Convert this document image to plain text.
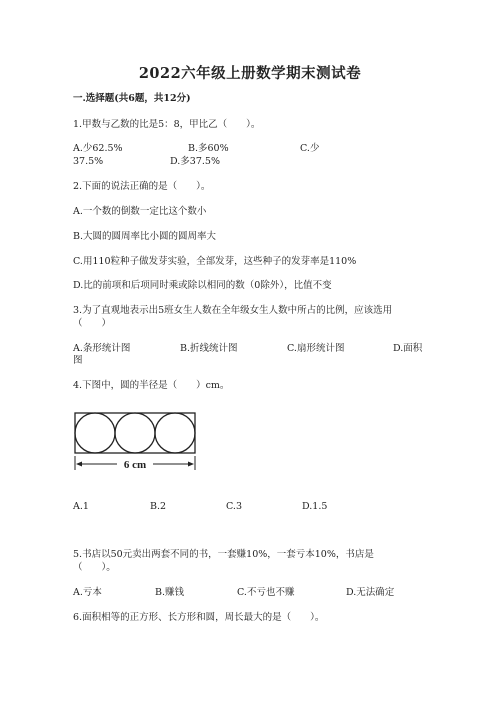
2022六年级上册数学期末测试卷
一.选择题(共6题，共12分)
1.甲数与乙数的比是5：8，甲比乙（　　）。
A.少62.5%	B.多60%	C.少
37.5%	D.多37.5%
2.下面的说法正确的是（　　）。
A.一个数的倒数一定比这个数小
B.大圆的圆周率比小圆的圆周率大
C.用110粒种子做发芽实验，全部发芽，这些种子的发芽率是110%
D.比的前项和后项同时乘或除以相同的数（0除外），比值不变
3.为了直观地表示出5班女生人数在全年级女生人数中所占的比例，应该选用
（　　）
A.条形统计图	B.折线统计图	C.扇形统计图	D.面积
图
4.下图中，圆的半径是（　　）cm。
6 cm
A.1	B.2	C.3	D.1.5
5.书店以50元卖出两套不同的书，一套赚10%，一套亏本10%，书店是
（　　）。
A.亏本	B.赚钱	C.不亏也不赚	D.无法确定
6.面积相等的正方形、长方形和圆，周长最大的是（　　）。
